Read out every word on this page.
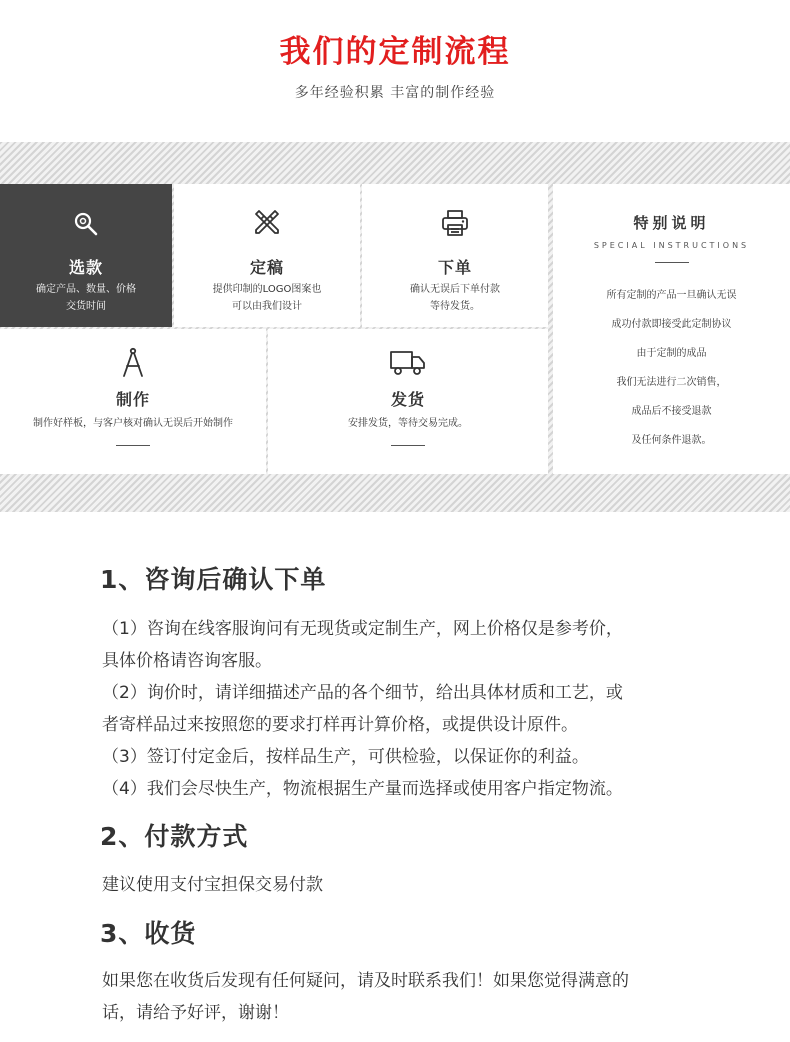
我们的定制流程
多年经验积累 丰富的制作经验
选款
确定产品、数量、价格
交货时间
定稿
提供印制的LOGO图案也
可以由我们设计
下单
确认无误后下单付款
等待发货。
制作
制作好样板，与客户核对确认无误后开始制作
发货
安排发货，等待交易完成。
特别说明
SPECIAL INSTRUCTIONS
所有定制的产品一旦确认无误
成功付款即接受此定制协议
由于定制的成品
我们无法进行二次销售，
成品后不接受退款
及任何条件退款。
1、咨询后确认下单
（1）咨询在线客服询问有无现货或定制生产，网上价格仅是参考价，
具体价格请咨询客服。
（2）询价时，请详细描述产品的各个细节，给出具体材质和工艺，或
者寄样品过来按照您的要求打样再计算价格，或提供设计原件。
（3）签订付定金后，按样品生产，可供检验，以保证你的利益。
（4）我们会尽快生产，物流根据生产量而选择或使用客户指定物流。
2、付款方式
建议使用支付宝担保交易付款
3、收货
如果您在收货后发现有任何疑问，请及时联系我们！如果您觉得满意的
话，请给予好评，谢谢！
